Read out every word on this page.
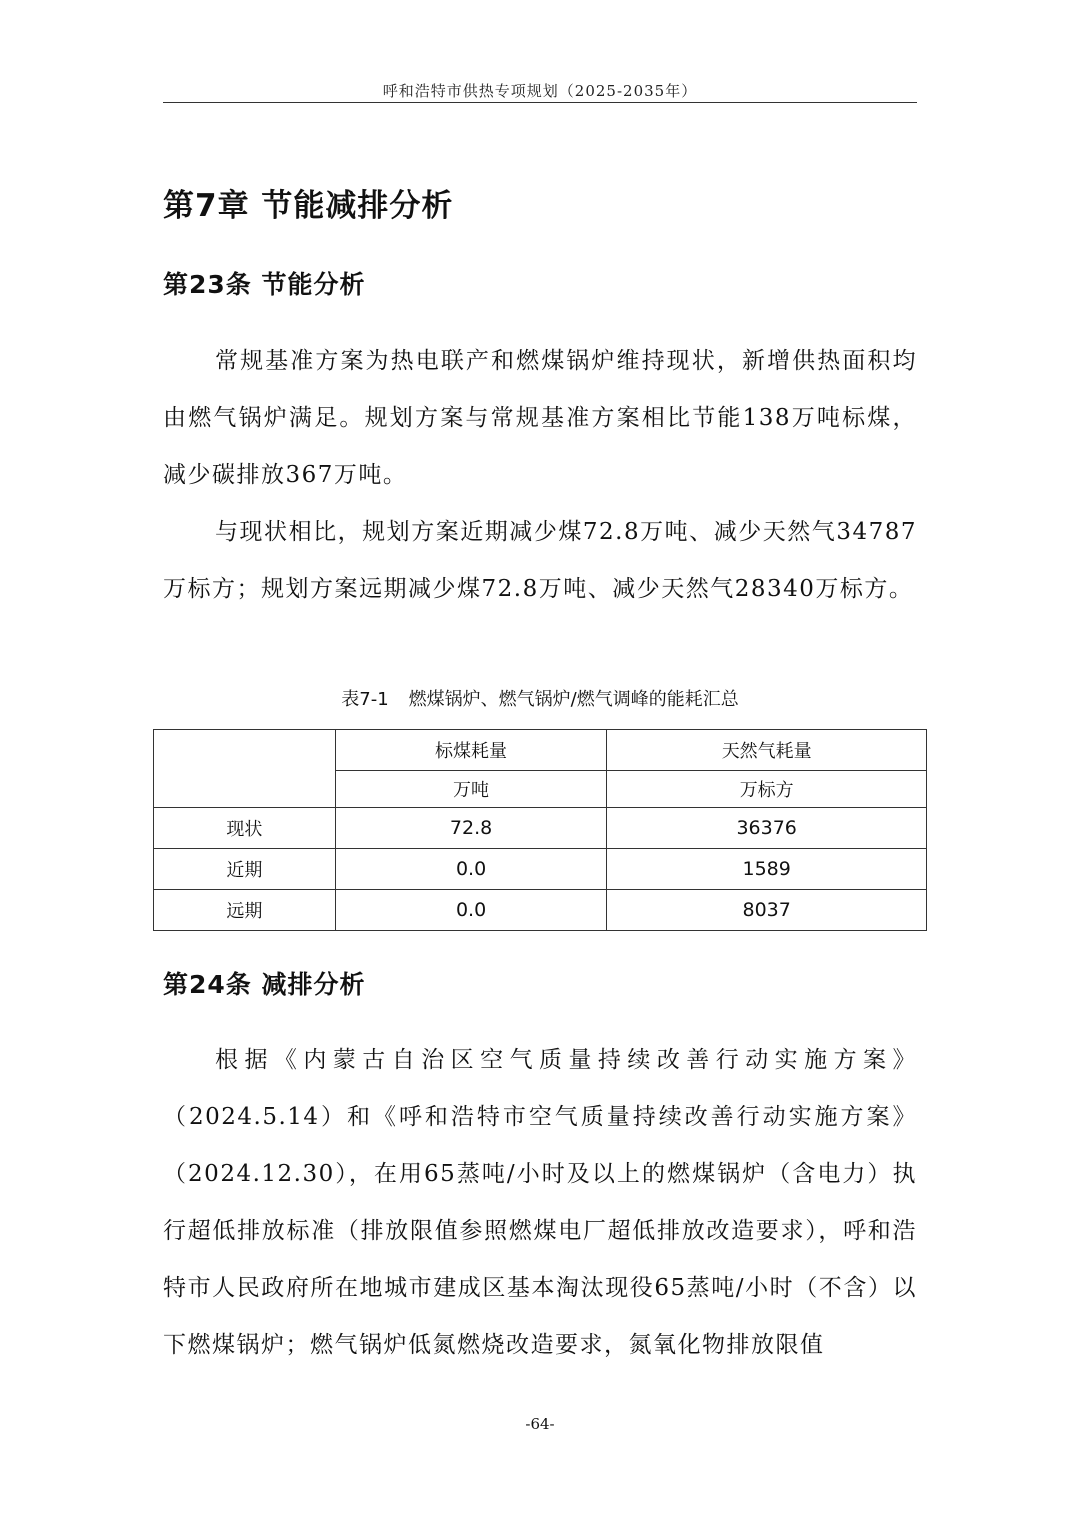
呼和浩特市供热专项规划（2025-2035年）
第7章 节能减排分析
第23条 节能分析

常规基准方案为热电联产和燃煤锅炉维持现状，新增供热面积均由燃气锅炉满足。规划方案与常规基准方案相比节能138万吨标煤，减少碳排放367万吨。

与现状相比，规划方案近期减少煤72.8万吨、减少天然气34787万标方；规划方案远期减少煤72.8万吨、减少天然气28340万标方。

表7-1 燃煤锅炉、燃气锅炉/燃气调峰的能耗汇总
	标煤耗量	天然气耗量
	万吨	万标方
现状	72.8	36376
近期	0.0	1589
远期	0.0	8037
第24条 减排分析

根据《内蒙古自治区空气质量持续改善行动实施方案》（2024.5.14）和《呼和浩特市空气质量持续改善行动实施方案》（2024.12.30），在用65蒸吨/小时及以上的燃煤锅炉（含电力）执行超低排放标准（排放限值参照燃煤电厂超低排放改造要求），呼和浩特市人民政府所在地城市建成区基本淘汰现役65蒸吨/小时（不含）以下燃煤锅炉；燃气锅炉低氮燃烧改造要求，氮氧化物排放限值

-64-
